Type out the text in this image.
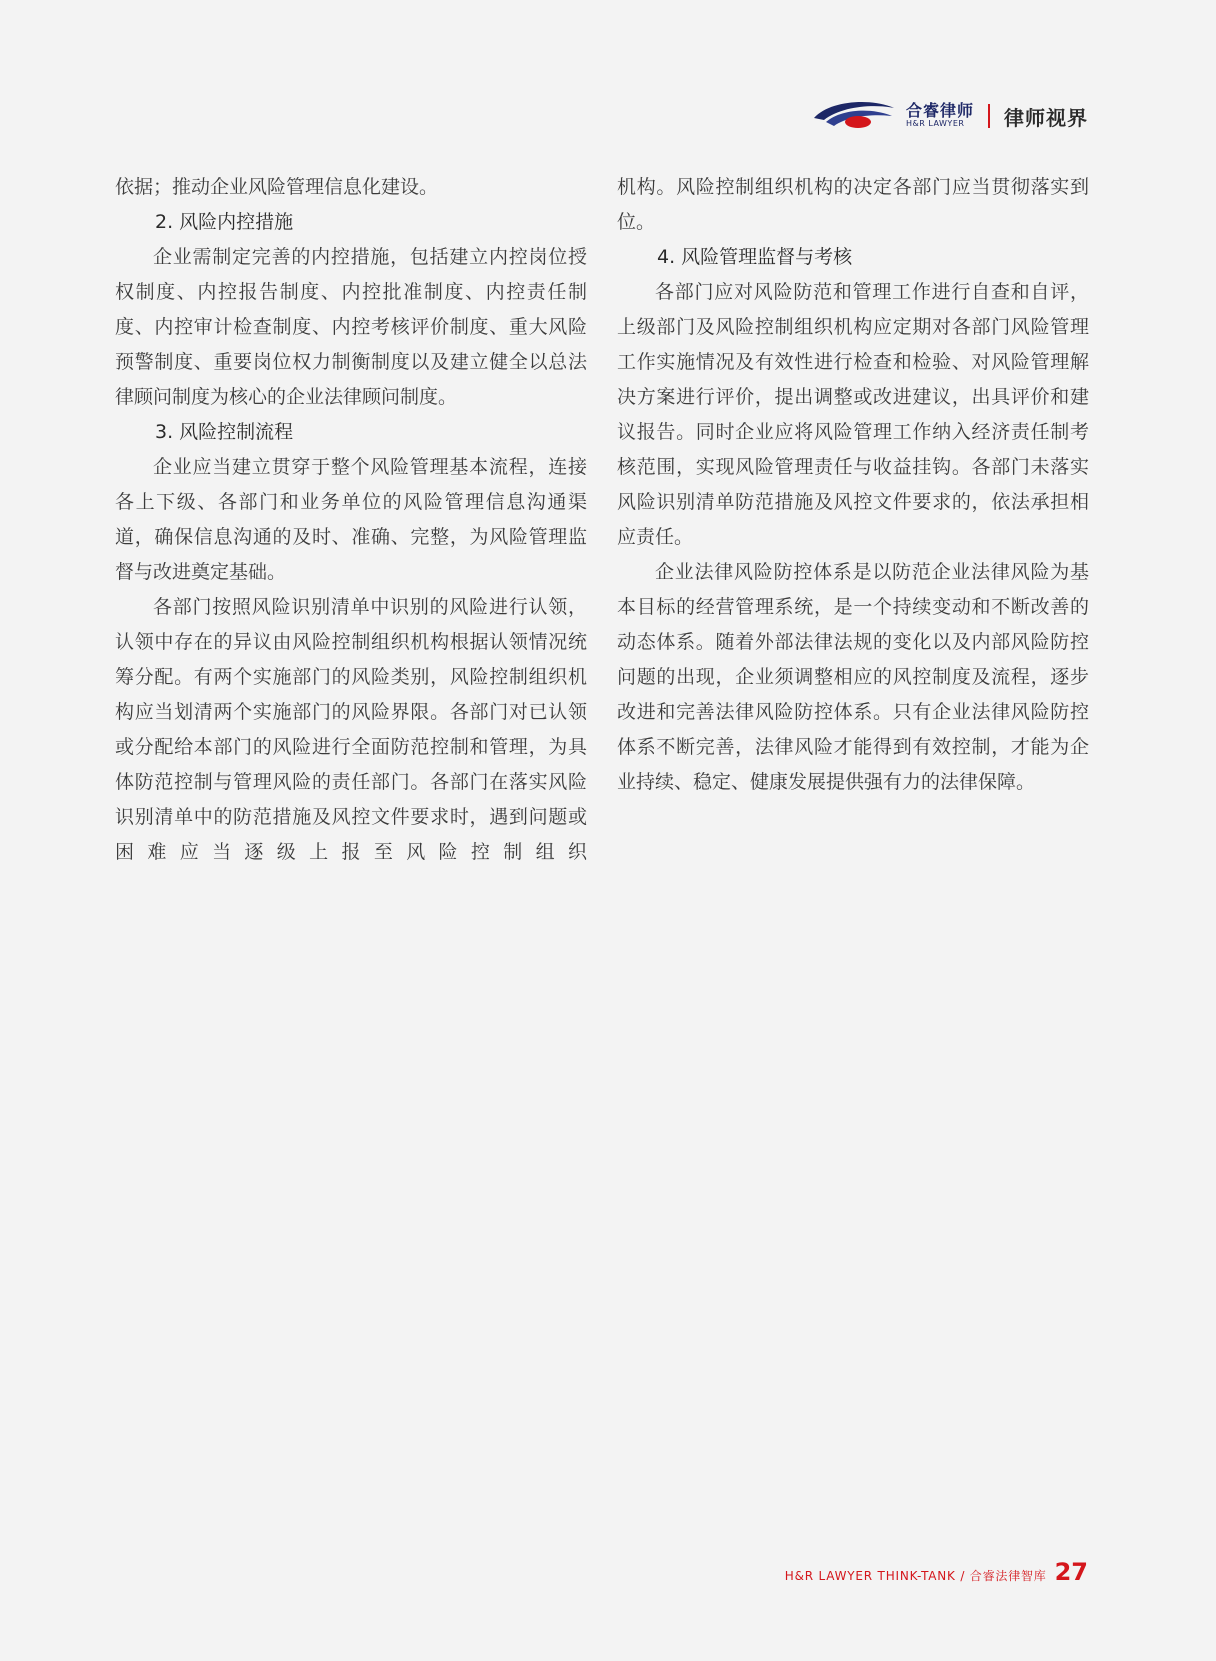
合睿律师
H&R LAWYER	律师视界

依据；推动企业风险管理信息化建设。

2. 风险内控措施

企业需制定完善的内控措施，包括建立内控岗位授权制度、内控报告制度、内控批准制度、内控责任制度、内控审计检查制度、内控考核评价制度、重大风险预警制度、重要岗位权力制衡制度以及建立健全以总法律顾问制度为核心的企业法律顾问制度。

3. 风险控制流程

企业应当建立贯穿于整个风险管理基本流程，连接各上下级、各部门和业务单位的风险管理信息沟通渠道，确保信息沟通的及时、准确、完整，为风险管理监督与改进奠定基础。

各部门按照风险识别清单中识别的风险进行认领，认领中存在的异议由风险控制组织机构根据认领情况统筹分配。有两个实施部门的风险类别，风险控制组织机构应当划清两个实施部门的风险界限。各部门对已认领或分配给本部门的风险进行全面防范控制和管理，为具体防范控制与管理风险的责任部门。各部门在落实风险识别清单中的防范措施及风控文件要求时，遇到问题或困难应当逐级上报至风险控制组织

机构。风险控制组织机构的决定各部门应当贯彻落实到位。

4. 风险管理监督与考核

各部门应对风险防范和管理工作进行自查和自评，上级部门及风险控制组织机构应定期对各部门风险管理工作实施情况及有效性进行检查和检验、对风险管理解决方案进行评价，提出调整或改进建议，出具评价和建议报告。同时企业应将风险管理工作纳入经济责任制考核范围，实现风险管理责任与收益挂钩。各部门未落实风险识别清单防范措施及风控文件要求的，依法承担相应责任。

企业法律风险防控体系是以防范企业法律风险为基本目标的经营管理系统，是一个持续变动和不断改善的动态体系。随着外部法律法规的变化以及内部风险防控问题的出现，企业须调整相应的风控制度及流程，逐步改进和完善法律风险防控体系。只有企业法律风险防控体系不断完善，法律风险才能得到有效控制，才能为企业持续、稳定、健康发展提供强有力的法律保障。

H&R LAWYER THINK-TANK / 合睿法律智库 27
